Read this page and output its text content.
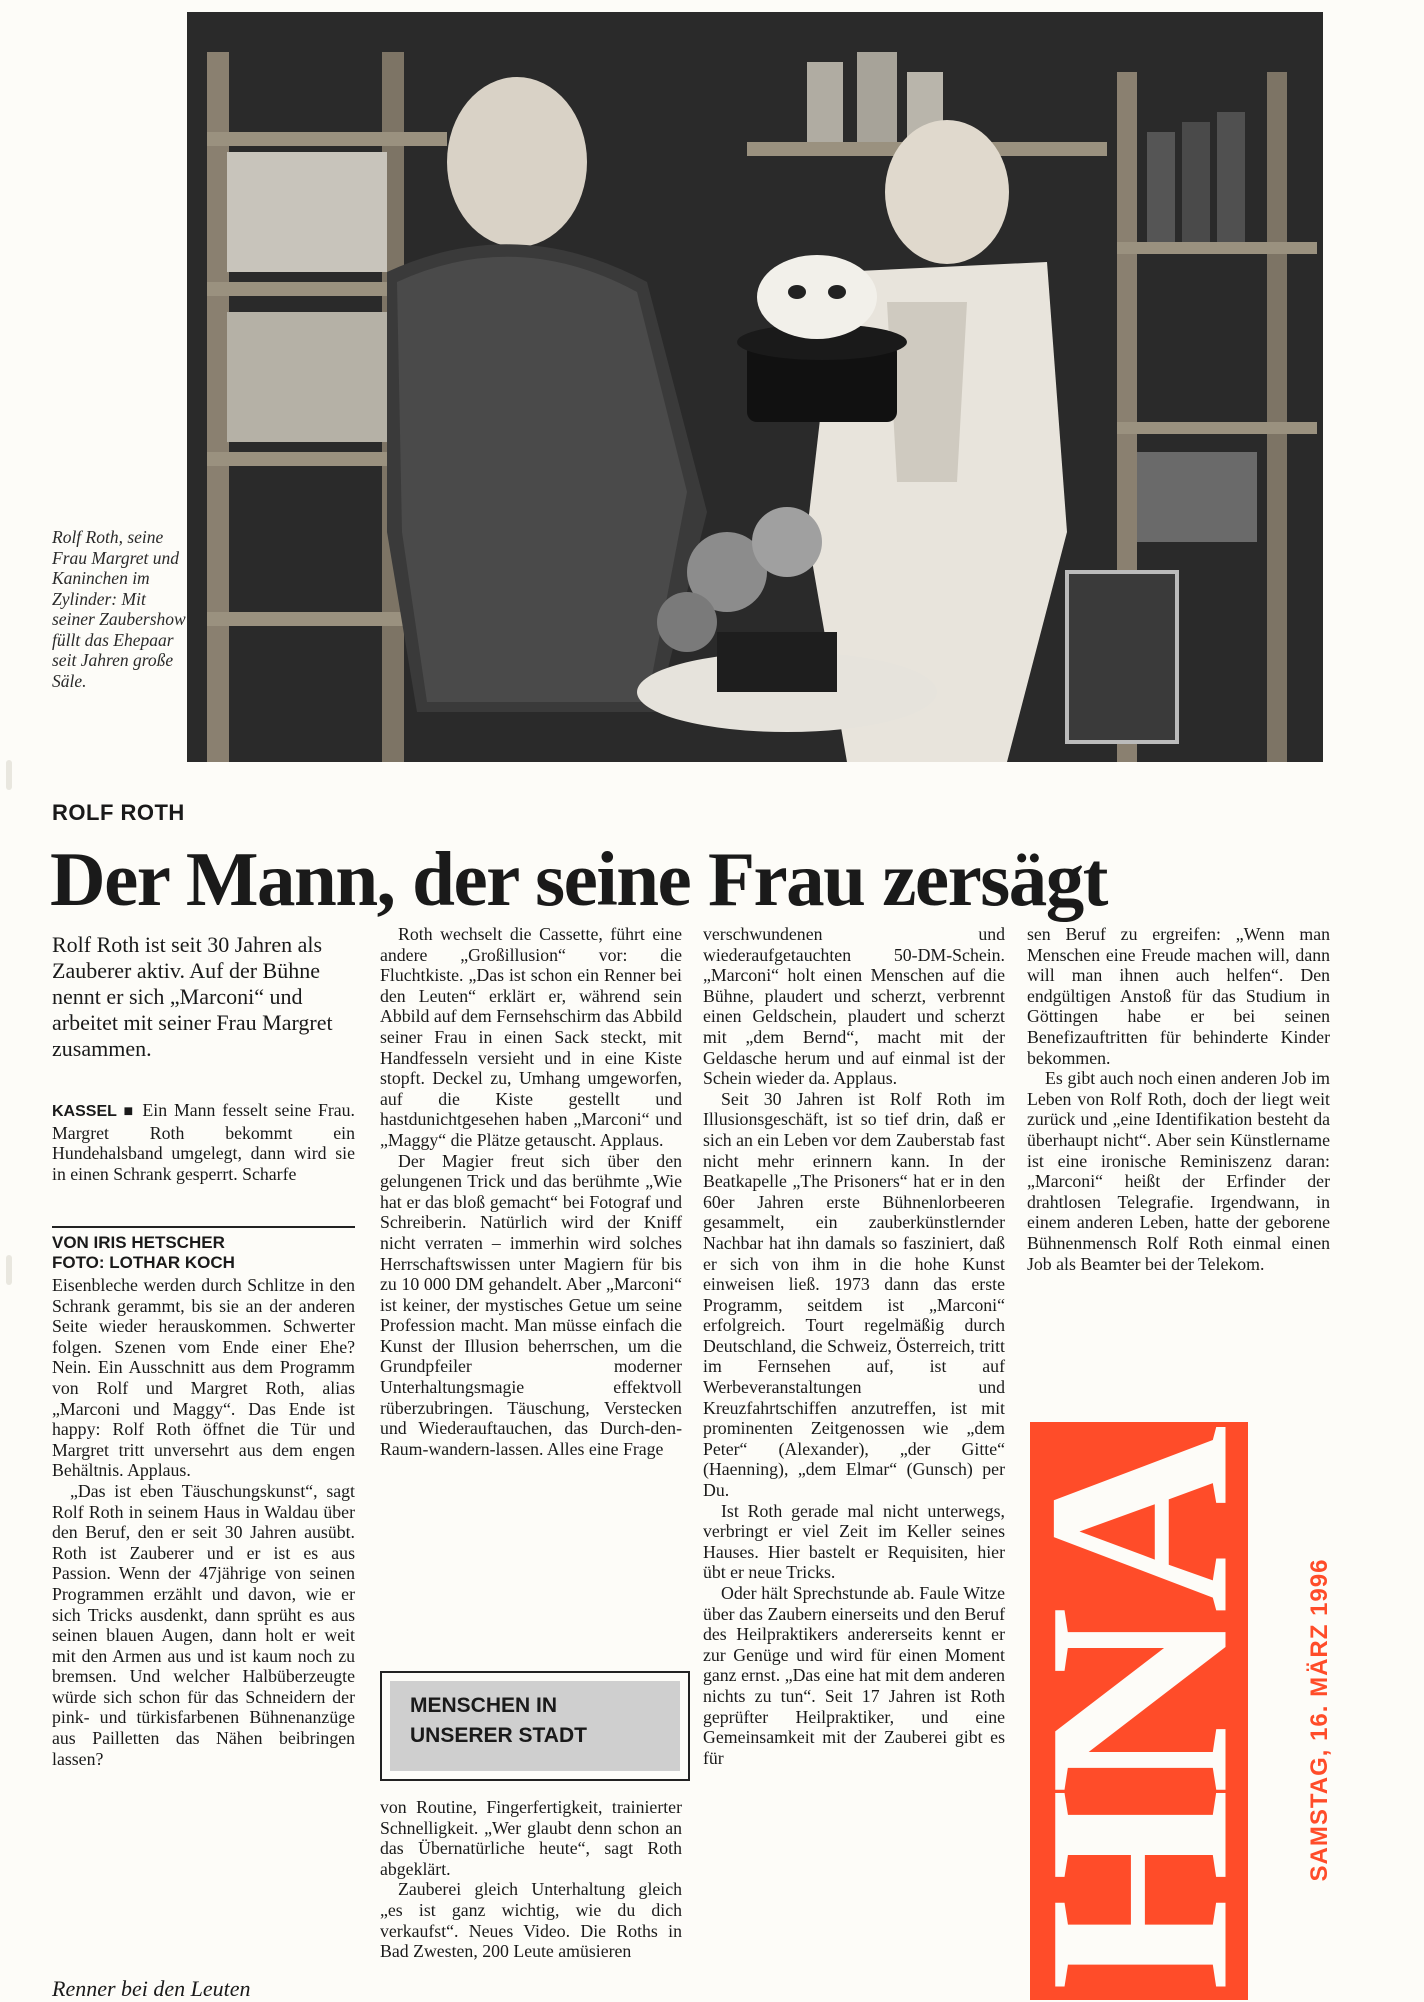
Rolf Roth, seine Frau Margret und Kaninchen im Zylinder: Mit seiner Zaubershow füllt das Ehepaar seit Jahren große Säle.
ROLF ROTH
Der Mann, der seine Frau zersägt
Rolf Roth ist seit 30 Jahren als Zauberer aktiv. Auf der Bühne nennt er sich „Marconi“ und arbeitet mit seiner Frau Margret zusammen.

KASSEL ■ Ein Mann fesselt seine Frau. Margret Roth bekommt ein Hundehalsband umgelegt, dann wird sie in einen Schrank gesperrt. Scharfe

VON IRIS HETSCHER
FOTO: LOTHAR KOCH

Eisenbleche werden durch Schlitze in den Schrank gerammt, bis sie an der anderen Seite wieder herauskommen. Schwerter folgen. Szenen vom Ende einer Ehe? Nein. Ein Ausschnitt aus dem Programm von Rolf und Margret Roth, alias „Marconi und Maggy“. Das Ende ist happy: Rolf Roth öffnet die Tür und Margret tritt unversehrt aus dem engen Behältnis. Applaus.

„Das ist eben Täuschungskunst“, sagt Rolf Roth in seinem Haus in Waldau über den Beruf, den er seit 30 Jahren ausübt. Roth ist Zauberer und er ist es aus Passion. Wenn der 47jährige von seinen Programmen erzählt und davon, wie er sich Tricks ausdenkt, dann sprüht es aus seinen blauen Augen, dann holt er weit mit den Armen aus und ist kaum noch zu bremsen. Und welcher Halbüberzeugte würde sich schon für das Schneidern der pink- und türkisfarbenen Bühnenanzüge aus Pailletten das Nähen beibringen lassen?

Renner bei den Leuten

Roth wechselt die Cassette, führt eine andere „Großillusion“ vor: die Fluchtkiste. „Das ist schon ein Renner bei den Leuten“ erklärt er, während sein Abbild auf dem Fernsehschirm das Abbild seiner Frau in einen Sack steckt, mit Handfesseln versieht und in eine Kiste stopft. Deckel zu, Umhang umgeworfen, auf die Kiste gestellt und hastdunichtgesehen haben „Marconi“ und „Maggy“ die Plätze getauscht. Applaus.

Der Magier freut sich über den gelungenen Trick und das berühmte „Wie hat er das bloß gemacht“ bei Fotograf und Schreiberin. Natürlich wird der Kniff nicht verraten – immerhin wird solches Herrschaftswissen unter Magiern für bis zu 10 000 DM gehandelt. Aber „Marconi“ ist keiner, der mystisches Getue um seine Profession macht. Man müsse einfach die Kunst der Illusion beherrschen, um die Grundpfeiler moderner Unterhaltungsmagie effektvoll rüberzubringen. Täuschung, Verstecken und Wiederauftauchen, das Durch-den-Raum-wandern-lassen. Alles eine Frage

MENSCHEN IN
UNSERER STADT

von Routine, Fingerfertigkeit, trainierter Schnelligkeit. „Wer glaubt denn schon an das Übernatürliche heute“, sagt Roth abgeklärt.

Zauberei gleich Unterhaltung gleich „es ist ganz wichtig, wie du dich verkaufst“. Neues Video. Die Roths in Bad Zwesten, 200 Leute amüsieren

verschwundenen und wiederaufgetauchten 50-DM-Schein. „Marconi“ holt einen Menschen auf die Bühne, plaudert und scherzt, verbrennt einen Geldschein, plaudert und scherzt mit „dem Bernd“, macht mit der Geldasche herum und auf einmal ist der Schein wieder da. Applaus.

Seit 30 Jahren ist Rolf Roth im Illusionsgeschäft, ist so tief drin, daß er sich an ein Leben vor dem Zauberstab fast nicht mehr erinnern kann. In der Beatkapelle „The Prisoners“ hat er in den 60er Jahren erste Bühnenlorbeeren gesammelt, ein zauberkünstlernder Nachbar hat ihn damals so fasziniert, daß er sich von ihm in die hohe Kunst einweisen ließ. 1973 dann das erste Programm, seitdem ist „Marconi“ erfolgreich. Tourt regelmäßig durch Deutschland, die Schweiz, Österreich, tritt im Fernsehen auf, ist auf Werbeveranstaltungen und Kreuzfahrtschiffen anzutreffen, ist mit prominenten Zeitgenossen wie „dem Peter“ (Alexander), „der Gitte“ (Haenning), „dem Elmar“ (Gunsch) per Du.

Ist Roth gerade mal nicht unterwegs, verbringt er viel Zeit im Keller seines Hauses. Hier bastelt er Requisiten, hier übt er neue Tricks.

Oder hält Sprechstunde ab. Faule Witze über das Zaubern einerseits und den Beruf des Heilpraktikers andererseits kennt er zur Genüge und wird für einen Moment ganz ernst. „Das eine hat mit dem anderen nichts zu tun“. Seit 17 Jahren ist Roth geprüfter Heilpraktiker, und eine Gemeinsamkeit mit der Zauberei gibt es für

sen Beruf zu ergreifen: „Wenn man Menschen eine Freude machen will, dann will man ihnen auch helfen“. Den endgültigen Anstoß für das Studium in Göttingen habe er bei seinen Benefizauftritten für behinderte Kinder bekommen.

Es gibt auch noch einen anderen Job im Leben von Rolf Roth, doch der liegt weit zurück und „eine Identifikation besteht da überhaupt nicht“. Aber sein Künstlername ist eine ironische Reminiszenz daran: „Marconi“ heißt der Erfinder der drahtlosen Telegrafie. Irgendwann, in einem anderen Leben, hatte der geborene Bühnenmensch Rolf Roth einmal einen Job als Beamter bei der Telekom.

HNA SAMSTAG, 16. MÄRZ 1996
